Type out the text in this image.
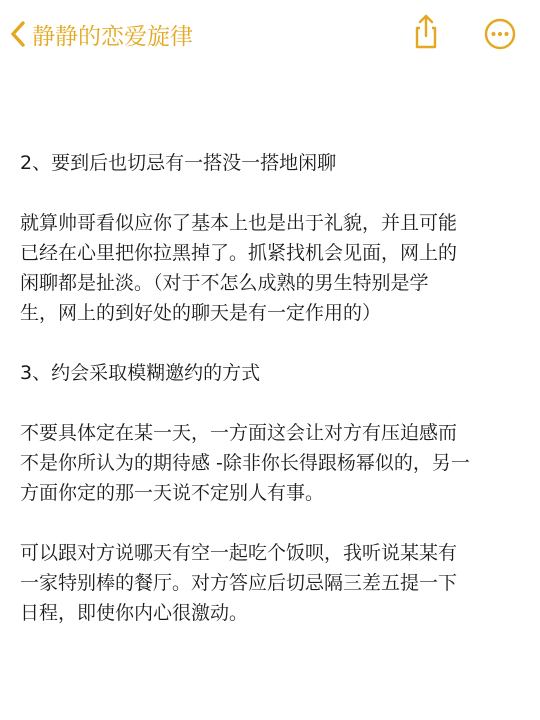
静静的恋爱旋律

2、要到后也切忌有一搭没一搭地闲聊

就算帅哥看似应你了基本上也是出于礼貌，并且可能
已经在心里把你拉黑掉了。抓紧找机会见面，网上的
闲聊都是扯淡。（对于不怎么成熟的男生特别是学
生，网上的到好处的聊天是有一定作用的）

3、约会采取模糊邀约的方式

不要具体定在某一天，一方面这会让对方有压迫感而
不是你所认为的期待感 -除非你长得跟杨幂似的，另一
方面你定的那一天说不定别人有事。

可以跟对方说哪天有空一起吃个饭呗，我听说某某有
一家特别棒的餐厅。对方答应后切忌隔三差五提一下
日程，即使你内心很激动。
